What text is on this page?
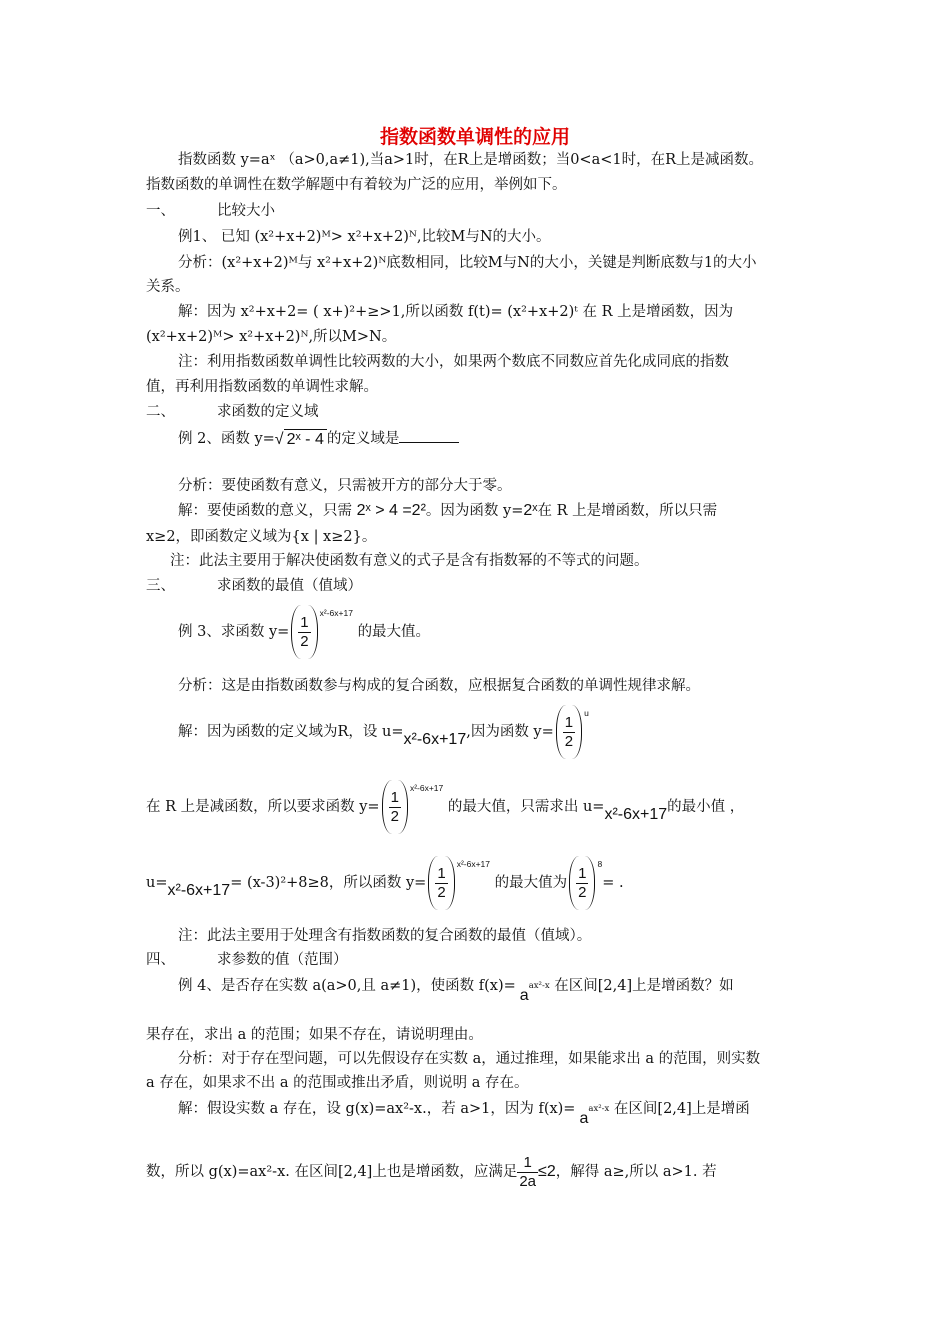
指数函数单调性的应用
指数函数 y=aˣ （a>0,a≠1),当a>1时，在R上是增函数；当0<a<1时，在R上是减函数。
指数函数的单调性在数学解题中有着较为广泛的应用，举例如下。
一、	比较大小
例1、 已知 (x²+x+2)ᴹ> x²+x+2)ᴺ,比较M与N的大小。
分析：(x²+x+2)ᴹ与 x²+x+2)ᴺ底数相同，比较M与N的大小，关键是判断底数与1的大小
关系。
解：因为 x²+x+2= ( x+)²+≥>1,所以函数 f(t)= (x²+x+2)ᵗ 在 R 上是增函数，因为
(x²+x+2)ᴹ> x²+x+2)ᴺ,所以M>N。
注：利用指数函数单调性比较两数的大小，如果两个数底不同数应首先化成同底的指数
值，再利用指数函数的单调性求解。
二、	求函数的定义域
例 2、函数 y=√ 2ˣ - 4 的定义域是
分析：要使函数有意义，只需被开方的部分大于零。
解：要使函数的意义，只需 2ˣ > 4 =2²。因为函数 y=2ˣ在 R 上是增函数，所以只需
x≥2，即函数定义域为{x | x≥2}。
注：此法主要用于解决使函数有意义的式子是含有指数幂的不等式的问题。
三、	求函数的最值（值域）
例 3、求函数 $y= \frac{1}{2}$
$^{x^2-6x+17}$ 的最大值。
分析：这是由指数函数参与构成的复合函数，应根据复合函数的单调性规律求解。
解：因为函数的定义域为R，设 u=x²-6x+17,因为函数 $y= \frac{1}{2}$
$^u$
在 R 上是减函数，所以要求函数 $y= \frac{1}{2}$
$^{x^2-6x+17}$ 的最大值，只需求出 u=x²-6x+17的最小值 ，
u=x²-6x+17= (x-3)²+8≥8，所以函数 $y= \frac{1}{2}$
$^{x^2-6x+17}$ 的最大值为 $\frac{1}{2}$
$^8$= .
注：此法主要用于处理含有指数函数的复合函数的最值（值域）。
四、	求参数的值（范围）
例 4、是否存在实数 a(a>0,且 a≠1)，使函数 f(x)=aax²-x 在区间[2,4]上是增函数？如
果存在，求出 a 的范围；如果不存在，请说明理由。
分析：对于存在型问题，可以先假设存在实数 a，通过推理，如果能求出 a 的范围，则实数
a 存在，如果求不出 a 的范围或推出矛盾，则说明 a 存在。
解：假设实数 a 存在，设 g(x)=ax²-x.，若 a>1，因为 f(x)=aax²-x 在区间[2,4]上是增函
数，所以 g(x)=ax²-x. 在区间[2,4]上也是增函数，应满足 $\frac{1}{2a} \le 2$，解得 a≥,所以 a>1. 若
